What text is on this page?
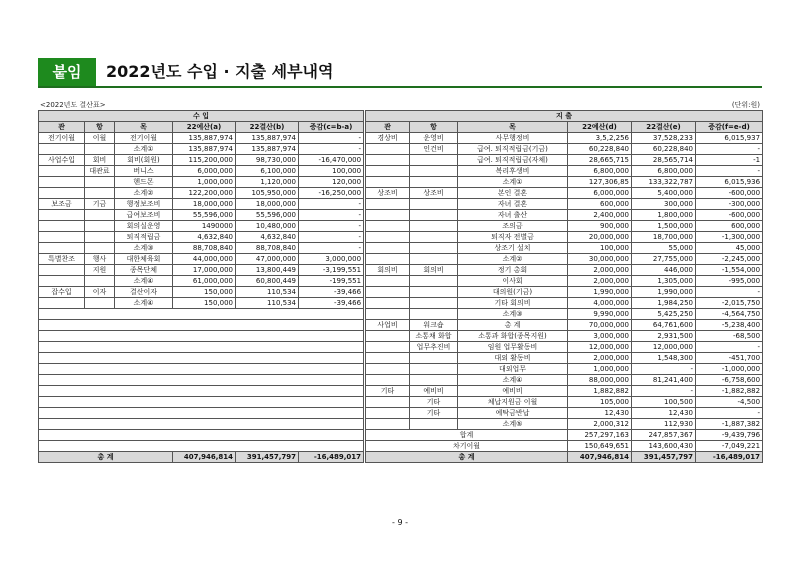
붙임	2022년도 수입 · 지출 세부내역
<2022년도 결산표>	(단위:원)
수 입					
관	항	목	22예산(a)	22결산(b)	증감(c=b-a)
전기이월	이월	전기이월	135,887,974	135,887,974	-
		소계①	135,887,974	135,887,974	-
사업수입	회비	회비(회원)	115,200,000	98,730,000	-16,470,000
	대관료	버니스	6,000,000	6,100,000	100,000
		헨드몬	1,000,000	1,120,000	120,000
		소계②	122,200,000	105,950,000	-16,250,000
보조금	기금	행정보조비	18,000,000	18,000,000	-
		급여보조비	55,596,000	55,596,000	-
		회의실운영	1490000	10,480,000	-
		퇴직적립금	4,632,840	4,632,840	-
		소계③	88,708,840	88,708,840	-
특별찬조	행사	대한체육회	44,000,000	47,000,000	3,000,000
	지원	종목단체	17,000,000	13,800,449	-3,199,551
		소계④	61,000,000	60,800,449	-199,551
잡수입	이자	결산이자	150,000	110,534	-39,466
		소계④	150,000	110,534	-39,466

총 계			407,946,814	391,457,797	-16,489,017
지 출					
관	항	목	22예산(d)	22결산(e)	증감(f=e-d)
경상비	운영비	사무행정비	3,5,2,256	37,528,233	6,015,937
	인건비	급여. 퇴직적립금(기금)	60,228,840	60,228,840	-
		급여. 퇴직적립금(자체)	28,665,715	28,565,714	-1
		복리후생비	6,800,000	6,800,000	-
		소계①	127,306,85	133,322,787	6,015,936
상조비	상조비	본인 결혼	6,000,000	5,400,000	-600,000
		자녀 결혼	600,000	300,000	-300,000
		자녀 출산	2,400,000	1,800,000	-600,000
		조의금	900,000	1,500,000	600,000
		퇴직자 전별금	20,000,000	18,700,000	-1,300,000
		상조기 설치	100,000	55,000	45,000
		소계②	30,000,000	27,755,000	-2,245,000
회의비	회의비	정기 총회	2,000,000	446,000	-1,554,000
		이사회	2,000,000	1,305,000	-995,000
		대의원(기금)	1,990,000	1,990,000	-
		기타 회의비	4,000,000	1,984,250	-2,015,750
		소계③	9,990,000	5,425,250	-4,564,750
사업비	워크숍	총 계	70,000,000	64,761,600	-5,238,400
	소통채 화합	소통과 화합(종목지원)	3,000,000	2,931,500	-68,500
	업무추진비	임원 업무활동비	12,000,000	12,000,000	-
		대외 활동비	2,000,000	1,548,300	-451,700
		대외업무	1,000,000	-	-1,000,000
		소계④	88,000,000	81,241,400	-6,758,600
기타	예비비	예비비	1,882,882	-	-1,882,882
	기타	체납지원금 이월	105,000	100,500	-4,500
	기타	예탁금반납	12,430	12,430	-
		소계⑤	2,000,312	112,930	-1,887,382
합계			257,297,163	247,857,367	-9,439,796
차기이월			150,649,651	143,600,430	-7,049,221
총 계			407,946,814	391,457,797	-16,489,017
- 9 -
